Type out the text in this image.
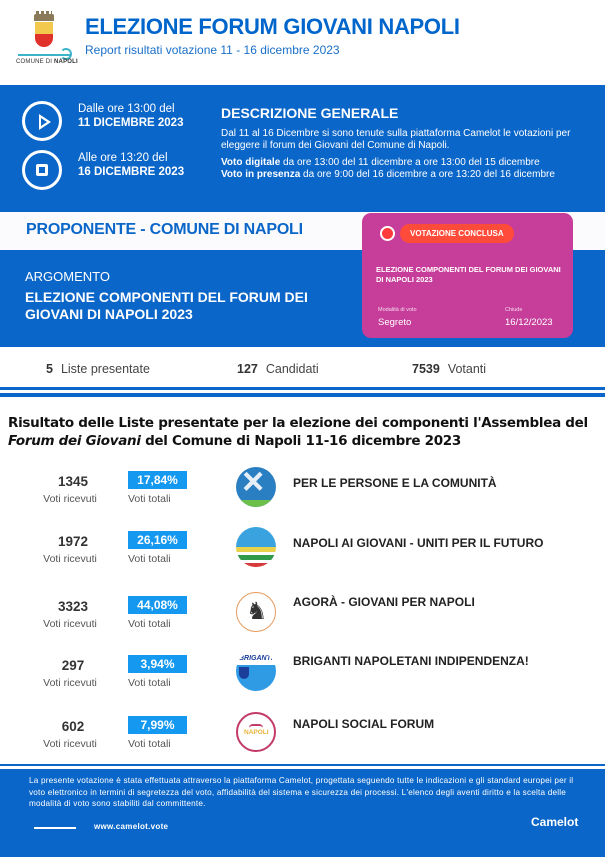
COMUNE DI NAPOLI
ELEZIONE FORUM GIOVANI NAPOLI
Report risultati votazione 11 - 16 dicembre 2023
Dalle ore 13:00 del
11 DICEMBRE 2023
Alle ore 13:20 del
16 DICEMBRE 2023
DESCRIZIONE GENERALE
Dal 11 al 16 Dicembre si sono tenute sulla piattaforma Camelot le votazioni per eleggere il forum dei Giovani del Comune di Napoli.
Voto digitale da ore 13:00 del 11 dicembre a ore 13:00 del 15 dicembre
Voto in presenza da ore 9:00 del 16 dicembre a ore 13:20 del 16 dicembre
PROPONENTE - COMUNE DI NAPOLI
ARGOMENTO
ELEZIONE COMPONENTI DEL FORUM DEI GIOVANI DI NAPOLI 2023
VOTAZIONE CONCLUSA
ELEZIONE COMPONENTI DEL FORUM DEI GIOVANI DI NAPOLI 2023
Modalità di voto
Segreto
Chiude
16/12/2023
5 Liste presentate	127 Candidati	7539 Votanti
Risultato delle Liste presentate per la elezione dei componenti l'Assemblea del Forum dei Giovani del Comune di Napoli 11-16 dicembre 2023
1345
Voti ricevuti
17,84%
Voti totali
×
PER LE PERSONE E LA COMUNITÀ
1972
Voti ricevuti
26,16%
Voti totali
NAPOLI AI GIOVANI - UNITI PER IL FUTURO
3323
Voti ricevuti
44,08%
Voti totali
♞
AGORÀ - GIOVANI PER NAPOLI
297
Voti ricevuti
3,94%
Voti totali
BRIGANTI
BRIGANTI NAPOLETANI INDIPENDENZA!
602
Voti ricevuti
7,99%
Voti totali
NAPOLI
NAPOLI SOCIAL FORUM
La presente votazione è stata effettuata attraverso la piattaforma Camelot, progettata seguendo tutte le indicazioni e gli standard europei per il voto elettronico in termini di segretezza del voto, affidabilità del sistema e sicurezza dei processi. L'elenco degli aventi diritto e la scelta delle modalità di voto sono stabiliti dal committente.
www.camelot.vote	Camelot
